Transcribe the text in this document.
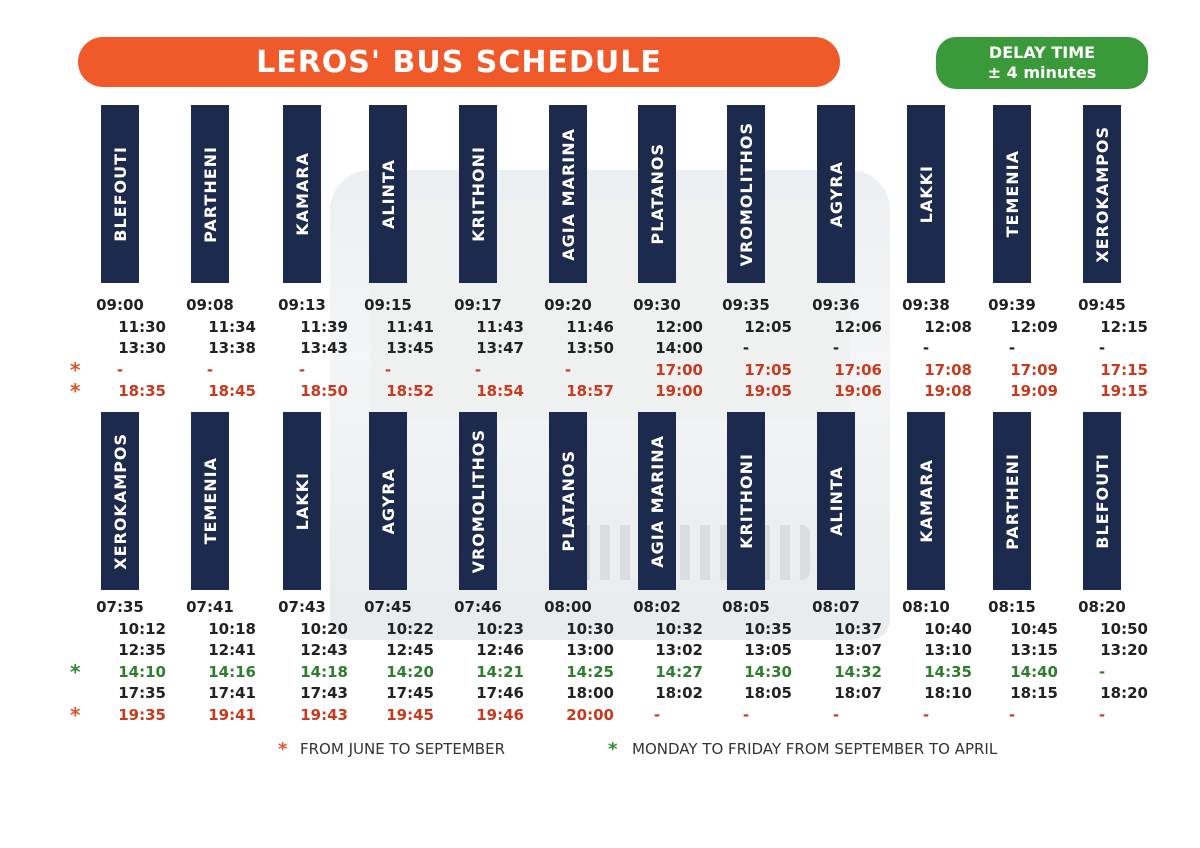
LEROS' BUS SCHEDULE	DELAY TIME
± 4 minutes
BLEFOUTI	PARTHENI	KAMARA	ALINTA	KRITHONI	AGIA MARINA	PLATANOS	VROMOLITHOS	AGYRA	LAKKI	TEMENIA	XEROKAMPOS
09:00	09:08	09:13	09:15	09:17	09:20	09:30	09:35	09:36	09:38	09:39	09:45
11:30	11:34	11:39	11:41	11:43	11:46	12:00	12:05	12:06	12:08	12:09	12:15
13:30	13:38	13:43	13:45	13:47	13:50	14:00	-	-	-	-	-
*	-	-	-	-	-	-	17:00	17:05	17:06	17:08	17:09	17:15
*	18:35	18:45	18:50	18:52	18:54	18:57	19:00	19:05	19:06	19:08	19:09	19:15
XEROKAMPOS	TEMENIA	LAKKI	AGYRA	VROMOLITHOS	PLATANOS	AGIA MARINA	KRITHONI	ALINTA	KAMARA	PARTHENI	BLEFOUTI
07:35	07:41	07:43	07:45	07:46	08:00	08:02	08:05	08:07	08:10	08:15	08:20
10:12	10:18	10:20	10:22	10:23	10:30	10:32	10:35	10:37	10:40	10:45	10:50
12:35	12:41	12:43	12:45	12:46	13:00	13:02	13:05	13:07	13:10	13:15	13:20
*	14:10	14:16	14:18	14:20	14:21	14:25	14:27	14:30	14:32	14:35	14:40	-
17:35	17:41	17:43	17:45	17:46	18:00	18:02	18:05	18:07	18:10	18:15	18:20
*	19:35	19:41	19:43	19:45	19:46	20:00	-	-	-	-	-	-
* FROM JUNE TO SEPTEMBER	* MONDAY TO FRIDAY FROM SEPTEMBER TO APRIL
